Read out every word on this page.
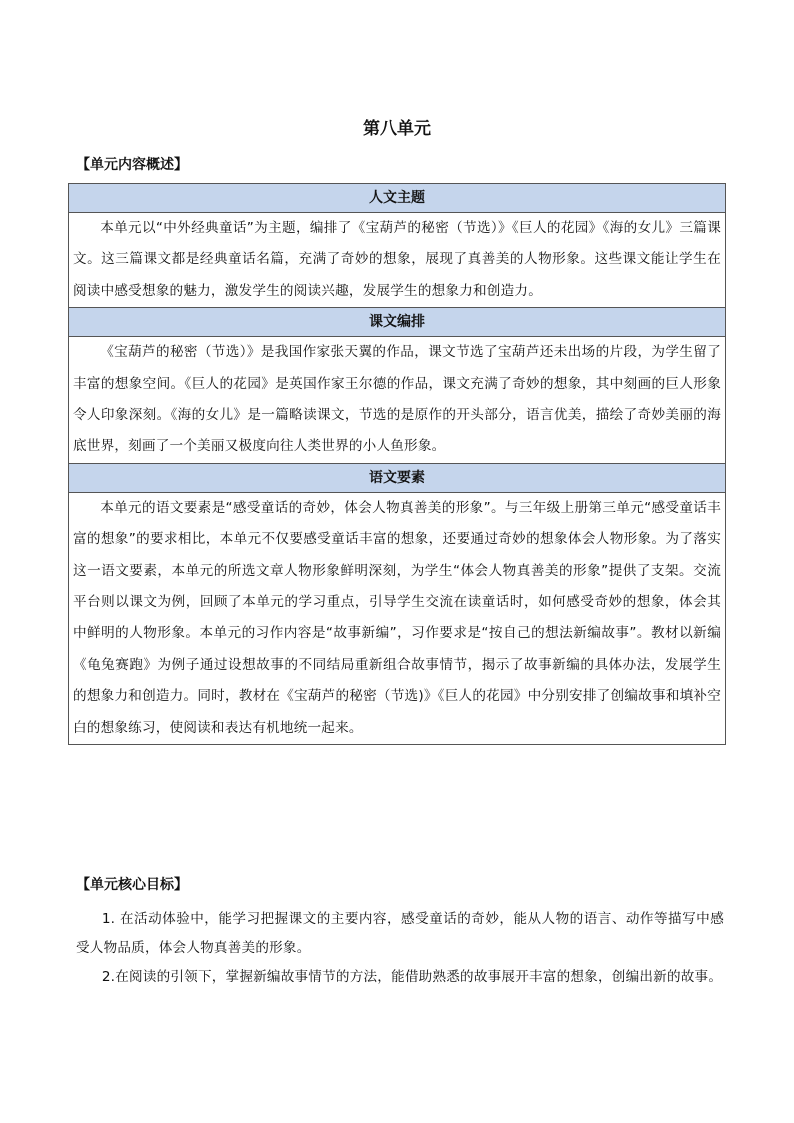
第八单元
【单元内容概述】
人文主题
本单元以“中外经典童话”为主题，编排了《宝葫芦的秘密（节选）》《巨人的花园》《海的女儿》三篇课文。这三篇课文都是经典童话名篇，充满了奇妙的想象，展现了真善美的人物形象。这些课文能让学生在阅读中感受想象的魅力，激发学生的阅读兴趣，发展学生的想象力和创造力。
课文编排
《宝葫芦的秘密（节选）》是我国作家张天翼的作品，课文节选了宝葫芦还未出场的片段，为学生留了丰富的想象空间。《巨人的花园》是英国作家王尔德的作品，课文充满了奇妙的想象，其中刻画的巨人形象令人印象深刻。《海的女儿》是一篇略读课文，节选的是原作的开头部分，语言优美，描绘了奇妙美丽的海底世界，刻画了一个美丽又极度向往人类世界的小人鱼形象。
语文要素
本单元的语文要素是“感受童话的奇妙，体会人物真善美的形象”。与三年级上册第三单元“感受童话丰富的想象”的要求相比，本单元不仅要感受童话丰富的想象，还要通过奇妙的想象体会人物形象。为了落实这一语文要素，本单元的所选文章人物形象鲜明深刻，为学生“体会人物真善美的形象”提供了支架。交流平台则以课文为例，回顾了本单元的学习重点，引导学生交流在读童话时，如何感受奇妙的想象，体会其中鲜明的人物形象。本单元的习作内容是“故事新编”，习作要求是“按自己的想法新编故事”。教材以新编《龟兔赛跑》为例子通过设想故事的不同结局重新组合故事情节，揭示了故事新编的具体办法，发展学生的想象力和创造力。同时，教材在《宝葫芦的秘密（节选)》《巨人的花园》中分别安排了创编故事和填补空白的想象练习，使阅读和表达有机地统一起来。
【单元核心目标】

1. 在活动体验中，能学习把握课文的主要内容，感受童话的奇妙，能从人物的语言、动作等描写中感受人物品质，体会人物真善美的形象。

2.在阅读的引领下，掌握新编故事情节的方法，能借助熟悉的故事展开丰富的想象，创编出新的故事。
